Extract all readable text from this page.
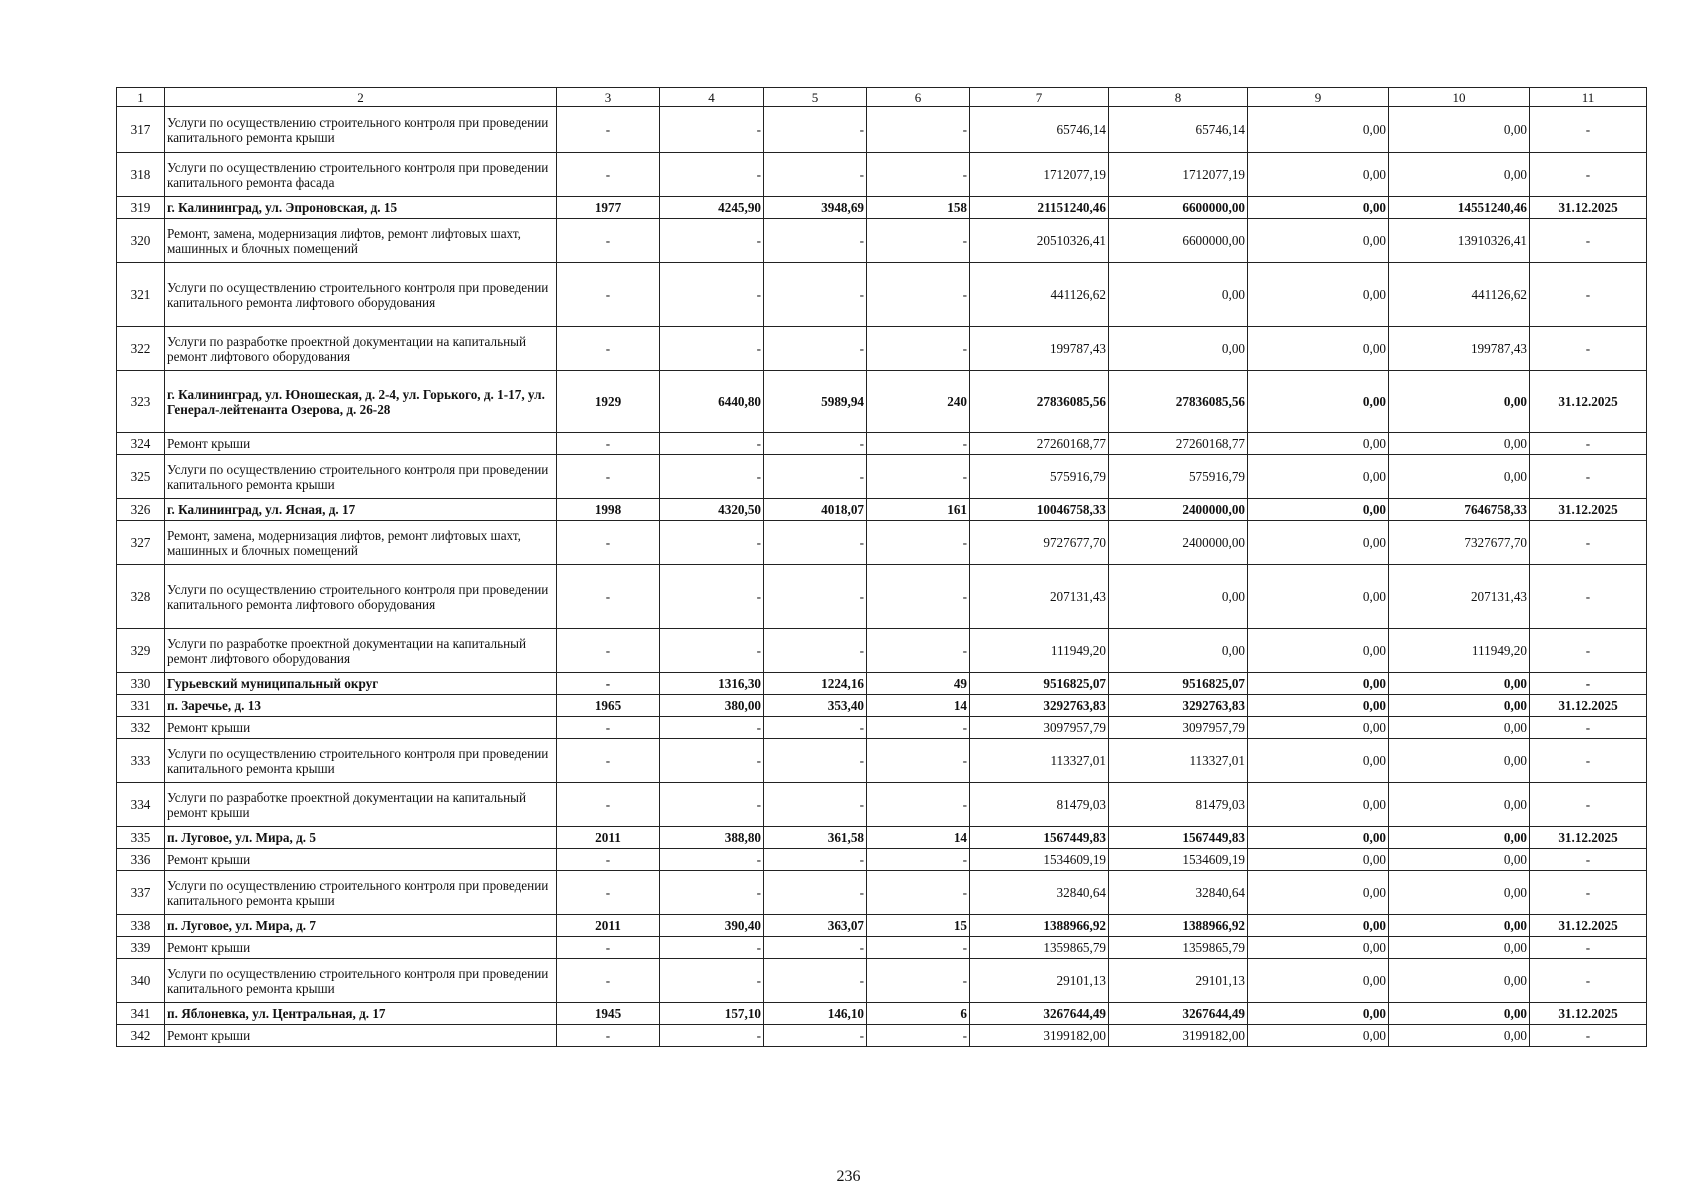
1	2	3	4	5	6	7	8	9	10	11
317	Услуги по осуществлению строительного контроля при проведении капитального ремонта крыши	-	-	-	-	65746,14	65746,14	0,00	0,00	-
318	Услуги по осуществлению строительного контроля при проведении капитального ремонта фасада	-	-	-	-	1712077,19	1712077,19	0,00	0,00	-
319	г. Калининград, ул. Эпроновская, д. 15	1977	4245,90	3948,69	158	21151240,46	6600000,00	0,00	14551240,46	31.12.2025
320	Ремонт, замена, модернизация лифтов, ремонт лифтовых шахт, машинных и блочных помещений	-	-	-	-	20510326,41	6600000,00	0,00	13910326,41	-
321	Услуги по осуществлению строительного контроля при проведении капитального ремонта лифтового оборудования	-	-	-	-	441126,62	0,00	0,00	441126,62	-
322	Услуги по разработке проектной документации на капитальный ремонт лифтового оборудования	-	-	-	-	199787,43	0,00	0,00	199787,43	-
323	г. Калининград, ул. Юношеская, д. 2-4, ул. Горького, д. 1-17, ул. Генерал-лейтенанта Озерова, д. 26-28	1929	6440,80	5989,94	240	27836085,56	27836085,56	0,00	0,00	31.12.2025
324	Ремонт крыши	-	-	-	-	27260168,77	27260168,77	0,00	0,00	-
325	Услуги по осуществлению строительного контроля при проведении капитального ремонта крыши	-	-	-	-	575916,79	575916,79	0,00	0,00	-
326	г. Калининград, ул. Ясная, д. 17	1998	4320,50	4018,07	161	10046758,33	2400000,00	0,00	7646758,33	31.12.2025
327	Ремонт, замена, модернизация лифтов, ремонт лифтовых шахт, машинных и блочных помещений	-	-	-	-	9727677,70	2400000,00	0,00	7327677,70	-
328	Услуги по осуществлению строительного контроля при проведении капитального ремонта лифтового оборудования	-	-	-	-	207131,43	0,00	0,00	207131,43	-
329	Услуги по разработке проектной документации на капитальный ремонт лифтового оборудования	-	-	-	-	111949,20	0,00	0,00	111949,20	-
330	Гурьевский муниципальный округ	-	1316,30	1224,16	49	9516825,07	9516825,07	0,00	0,00	-
331	п. Заречье, д. 13	1965	380,00	353,40	14	3292763,83	3292763,83	0,00	0,00	31.12.2025
332	Ремонт крыши	-	-	-	-	3097957,79	3097957,79	0,00	0,00	-
333	Услуги по осуществлению строительного контроля при проведении капитального ремонта крыши	-	-	-	-	113327,01	113327,01	0,00	0,00	-
334	Услуги по разработке проектной документации на капитальный ремонт крыши	-	-	-	-	81479,03	81479,03	0,00	0,00	-
335	п. Луговое, ул. Мира, д. 5	2011	388,80	361,58	14	1567449,83	1567449,83	0,00	0,00	31.12.2025
336	Ремонт крыши	-	-	-	-	1534609,19	1534609,19	0,00	0,00	-
337	Услуги по осуществлению строительного контроля при проведении капитального ремонта крыши	-	-	-	-	32840,64	32840,64	0,00	0,00	-
338	п. Луговое, ул. Мира, д. 7	2011	390,40	363,07	15	1388966,92	1388966,92	0,00	0,00	31.12.2025
339	Ремонт крыши	-	-	-	-	1359865,79	1359865,79	0,00	0,00	-
340	Услуги по осуществлению строительного контроля при проведении капитального ремонта крыши	-	-	-	-	29101,13	29101,13	0,00	0,00	-
341	п. Яблоневка, ул. Центральная, д. 17	1945	157,10	146,10	6	3267644,49	3267644,49	0,00	0,00	31.12.2025
342	Ремонт крыши	-	-	-	-	3199182,00	3199182,00	0,00	0,00	-
236
